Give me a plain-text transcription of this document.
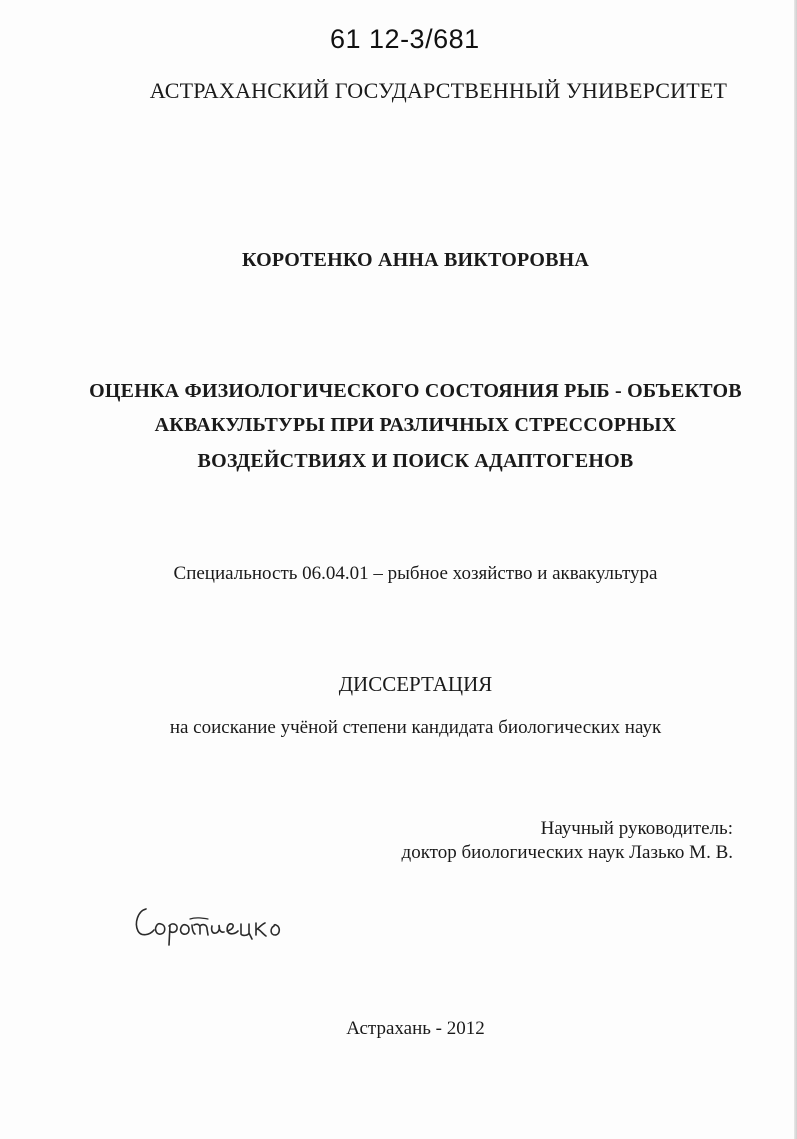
61 12-3/681
АСТРАХАНСКИЙ ГОСУДАРСТВЕННЫЙ УНИВЕРСИТЕТ
КОРОТЕНКО АННА ВИКТОРОВНА
ОЦЕНКА ФИЗИОЛОГИЧЕСКОГО СОСТОЯНИЯ РЫБ - ОБЪЕКТОВ
АКВАКУЛЬТУРЫ ПРИ РАЗЛИЧНЫХ СТРЕССОРНЫХ
ВОЗДЕЙСТВИЯХ И ПОИСК АДАПТОГЕНОВ
Специальность 06.04.01 – рыбное хозяйство и аквакультура
ДИССЕРТАЦИЯ
на соискание учёной степени кандидата биологических наук
Научный руководитель:
доктор биологических наук Лазько М. В.
Астрахань - 2012
